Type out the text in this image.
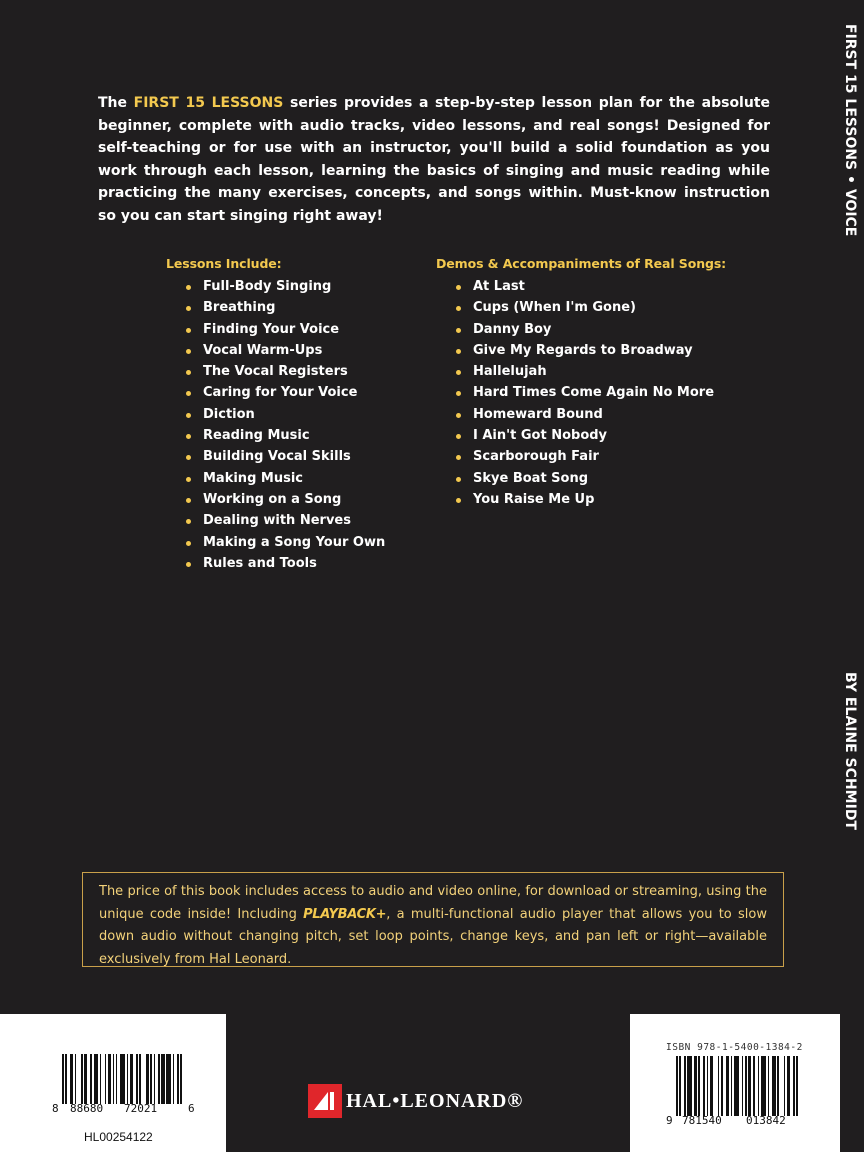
The FIRST 15 LESSONS series provides a step-by-step lesson plan for the absolute beginner, complete with audio tracks, video lessons, and real songs! Designed for self-teaching or for use with an instructor, you'll build a solid foundation as you work through each lesson, learning the basics of singing and music reading while practicing the many exercises, concepts, and songs within. Must-know instruction so you can start singing right away!
Lessons Include:
Full-Body Singing
Breathing
Finding Your Voice
Vocal Warm-Ups
The Vocal Registers
Caring for Your Voice
Diction
Reading Music
Building Vocal Skills
Making Music
Working on a Song
Dealing with Nerves
Making a Song Your Own
Rules and Tools
Demos & Accompaniments of Real Songs:
At Last
Cups (When I'm Gone)
Danny Boy
Give My Regards to Broadway
Hallelujah
Hard Times Come Again No More
Homeward Bound
I Ain't Got Nobody
Scarborough Fair
Skye Boat Song
You Raise Me Up
FIRST 15 LESSONS • VOICE
BY ELAINE SCHMIDT
The price of this book includes access to audio and video online, for download or streaming, using the unique code inside! Including PLAYBACK+, a multi-functional audio player that allows you to slow down audio without changing pitch, set loop points, change keys, and pan left or right—available exclusively from Hal Leonard.
8 88680 72021	6
HL00254122
HAL•LEONARD®
ISBN 978-1-5400-1384-2
9 781540 013842
